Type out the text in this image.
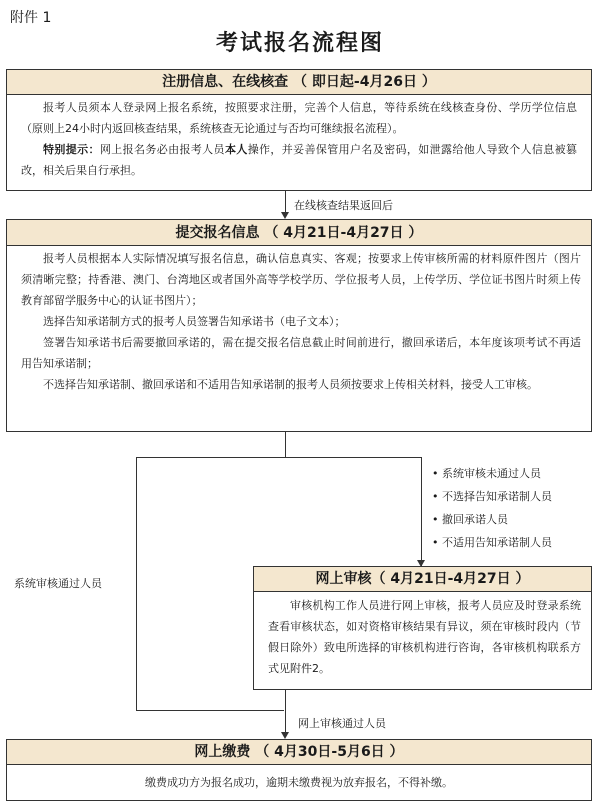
附件 1
考试报名流程图
注册信息、在线核查 （ 即日起-4月26日 ）

报考人员须本人登录网上报名系统，按照要求注册，完善个人信息，等待系统在线核查身份、学历学位信息（原则上24小时内返回核查结果，系统核查无论通过与否均可继续报名流程）。

特别提示：网上报名务必由报考人员本人操作，并妥善保管用户名及密码，如泄露给他人导致个人信息被篡改，相关后果自行承担。

在线核查结果返回后
提交报名信息 （ 4月21日-4月27日 ）

报考人员根据本人实际情况填写报名信息，确认信息真实、客观；按要求上传审核所需的材料原件图片（图片须清晰完整；持香港、澳门、台湾地区或者国外高等学校学历、学位报考人员，上传学历、学位证书图片时须上传教育部留学服务中心的认证书图片）；

选择告知承诺制方式的报考人员签署告知承诺书（电子文本）；

签署告知承诺书后需要撤回承诺的，需在提交报名信息截止时间前进行，撤回承诺后，本年度该项考试不再适用告知承诺制；

不选择告知承诺制、撤回承诺和不适用告知承诺制的报考人员须按要求上传相关材料，接受人工审核。

• 系统审核未通过人员
• 不选择告知承诺制人员
• 撤回承诺人员
• 不适用告知承诺制人员
系统审核通过人员	网上审核（ 4月21日-4月27日 ）

审核机构工作人员进行网上审核，报考人员应及时登录系统查看审核状态，如对资格审核结果有异议，须在审核时段内（节假日除外）致电所选择的审核机构进行咨询，各审核机构联系方式见附件2。

网上审核通过人员
网上缴费 （ 4月30日-5月6日 ）

缴费成功方为报名成功，逾期未缴费视为放弃报名，不得补缴。
